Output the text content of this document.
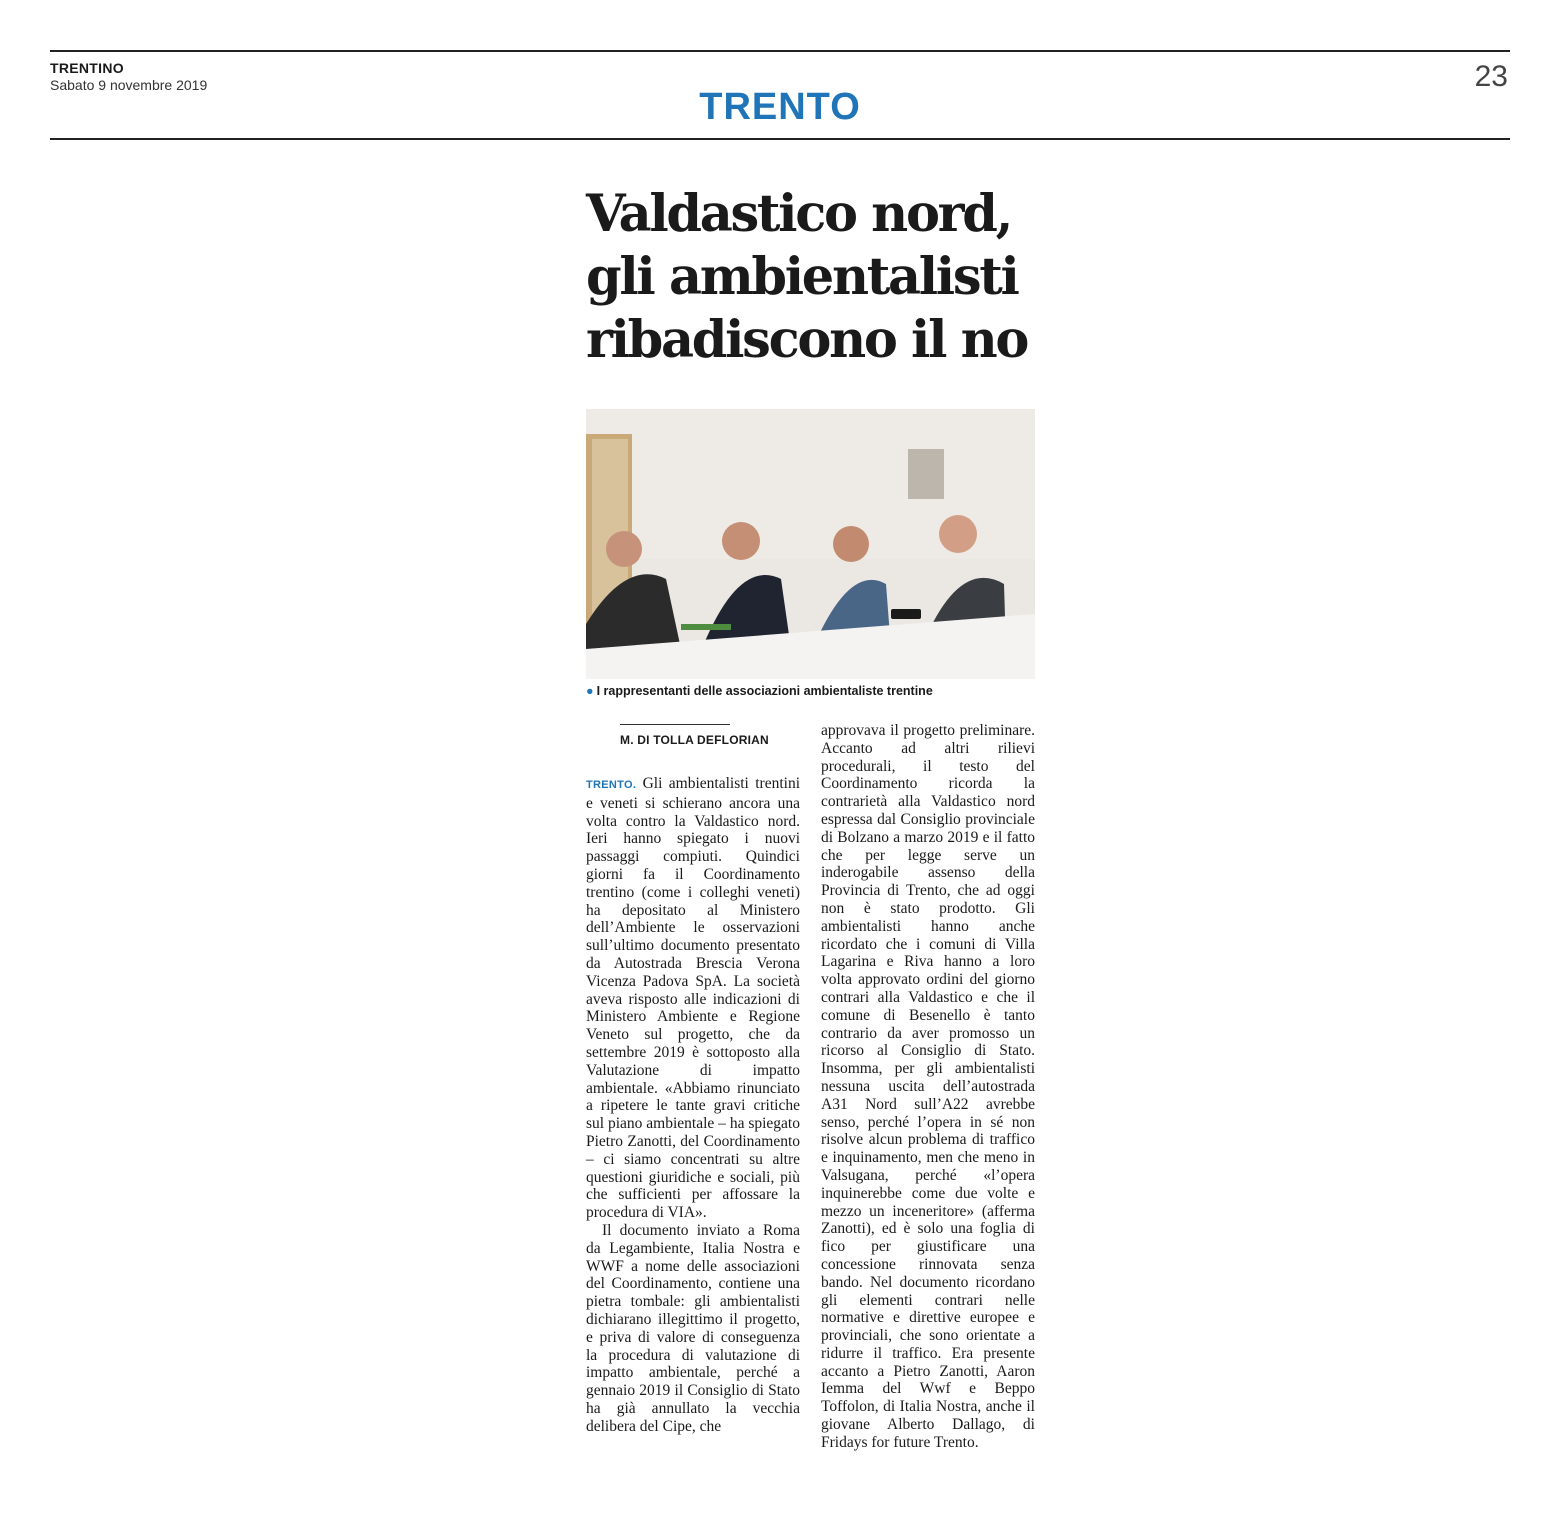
TRENTINO
Sabato 9 novembre 2019	23
TRENTO
Valdastico nord,
gli ambientalisti
ribadiscono il no
● I rappresentanti delle associazioni ambientaliste trentine
M. DI TOLLA DEFLORIAN

TRENTO. Gli ambientalisti trentini e veneti si schierano ancora una volta contro la Valdastico nord. Ieri hanno spiegato i nuovi passaggi compiuti. Quindici giorni fa il Coordinamento trentino (come i colleghi veneti) ha depositato al Ministero dell’Ambiente le osservazioni sull’ultimo documento presentato da Autostrada Brescia Verona Vicenza Padova SpA. La società aveva risposto alle indicazioni di Ministero Ambiente e Regione Veneto sul progetto, che da settembre 2019 è sottoposto alla Valutazione di impatto ambientale. «Abbiamo rinunciato a ripetere le tante gravi critiche sul piano ambientale – ha spiegato Pietro Zanotti, del Coordinamento – ci siamo concentrati su altre questioni giuridiche e sociali, più che sufficienti per affossare la procedura di VIA».

Il documento inviato a Roma da Legambiente, Italia Nostra e WWF a nome delle associazioni del Coordinamento, contiene una pietra tombale: gli ambientalisti dichiarano illegittimo il progetto, e priva di valore di conseguenza la procedura di valutazione di impatto ambientale, perché a gennaio 2019 il Consiglio di Stato ha già annullato la vecchia delibera del Cipe, che

approvava il progetto preliminare. Accanto ad altri rilievi procedurali, il testo del Coordinamento ricorda la contrarietà alla Valdastico nord espressa dal Consiglio provinciale di Bolzano a marzo 2019 e il fatto che per legge serve un inderogabile assenso della Provincia di Trento, che ad oggi non è stato prodotto. Gli ambientalisti hanno anche ricordato che i comuni di Villa Lagarina e Riva hanno a loro volta approvato ordini del giorno contrari alla Valdastico e che il comune di Besenello è tanto contrario da aver promosso un ricorso al Consiglio di Stato. Insomma, per gli ambientalisti nessuna uscita dell’autostrada A31 Nord sull’A22 avrebbe senso, perché l’opera in sé non risolve alcun problema di traffico e inquinamento, men che meno in Valsugana, perché «l’opera inquinerebbe come due volte e mezzo un inceneritore» (afferma Zanotti), ed è solo una foglia di fico per giustificare una concessione rinnovata senza bando. Nel documento ricordano gli elementi contrari nelle normative e direttive europee e provinciali, che sono orientate a ridurre il traffico. Era presente accanto a Pietro Zanotti, Aaron Iemma del Wwf e Beppo Toffolon, di Italia Nostra, anche il giovane Alberto Dallago, di Fridays for future Trento.
